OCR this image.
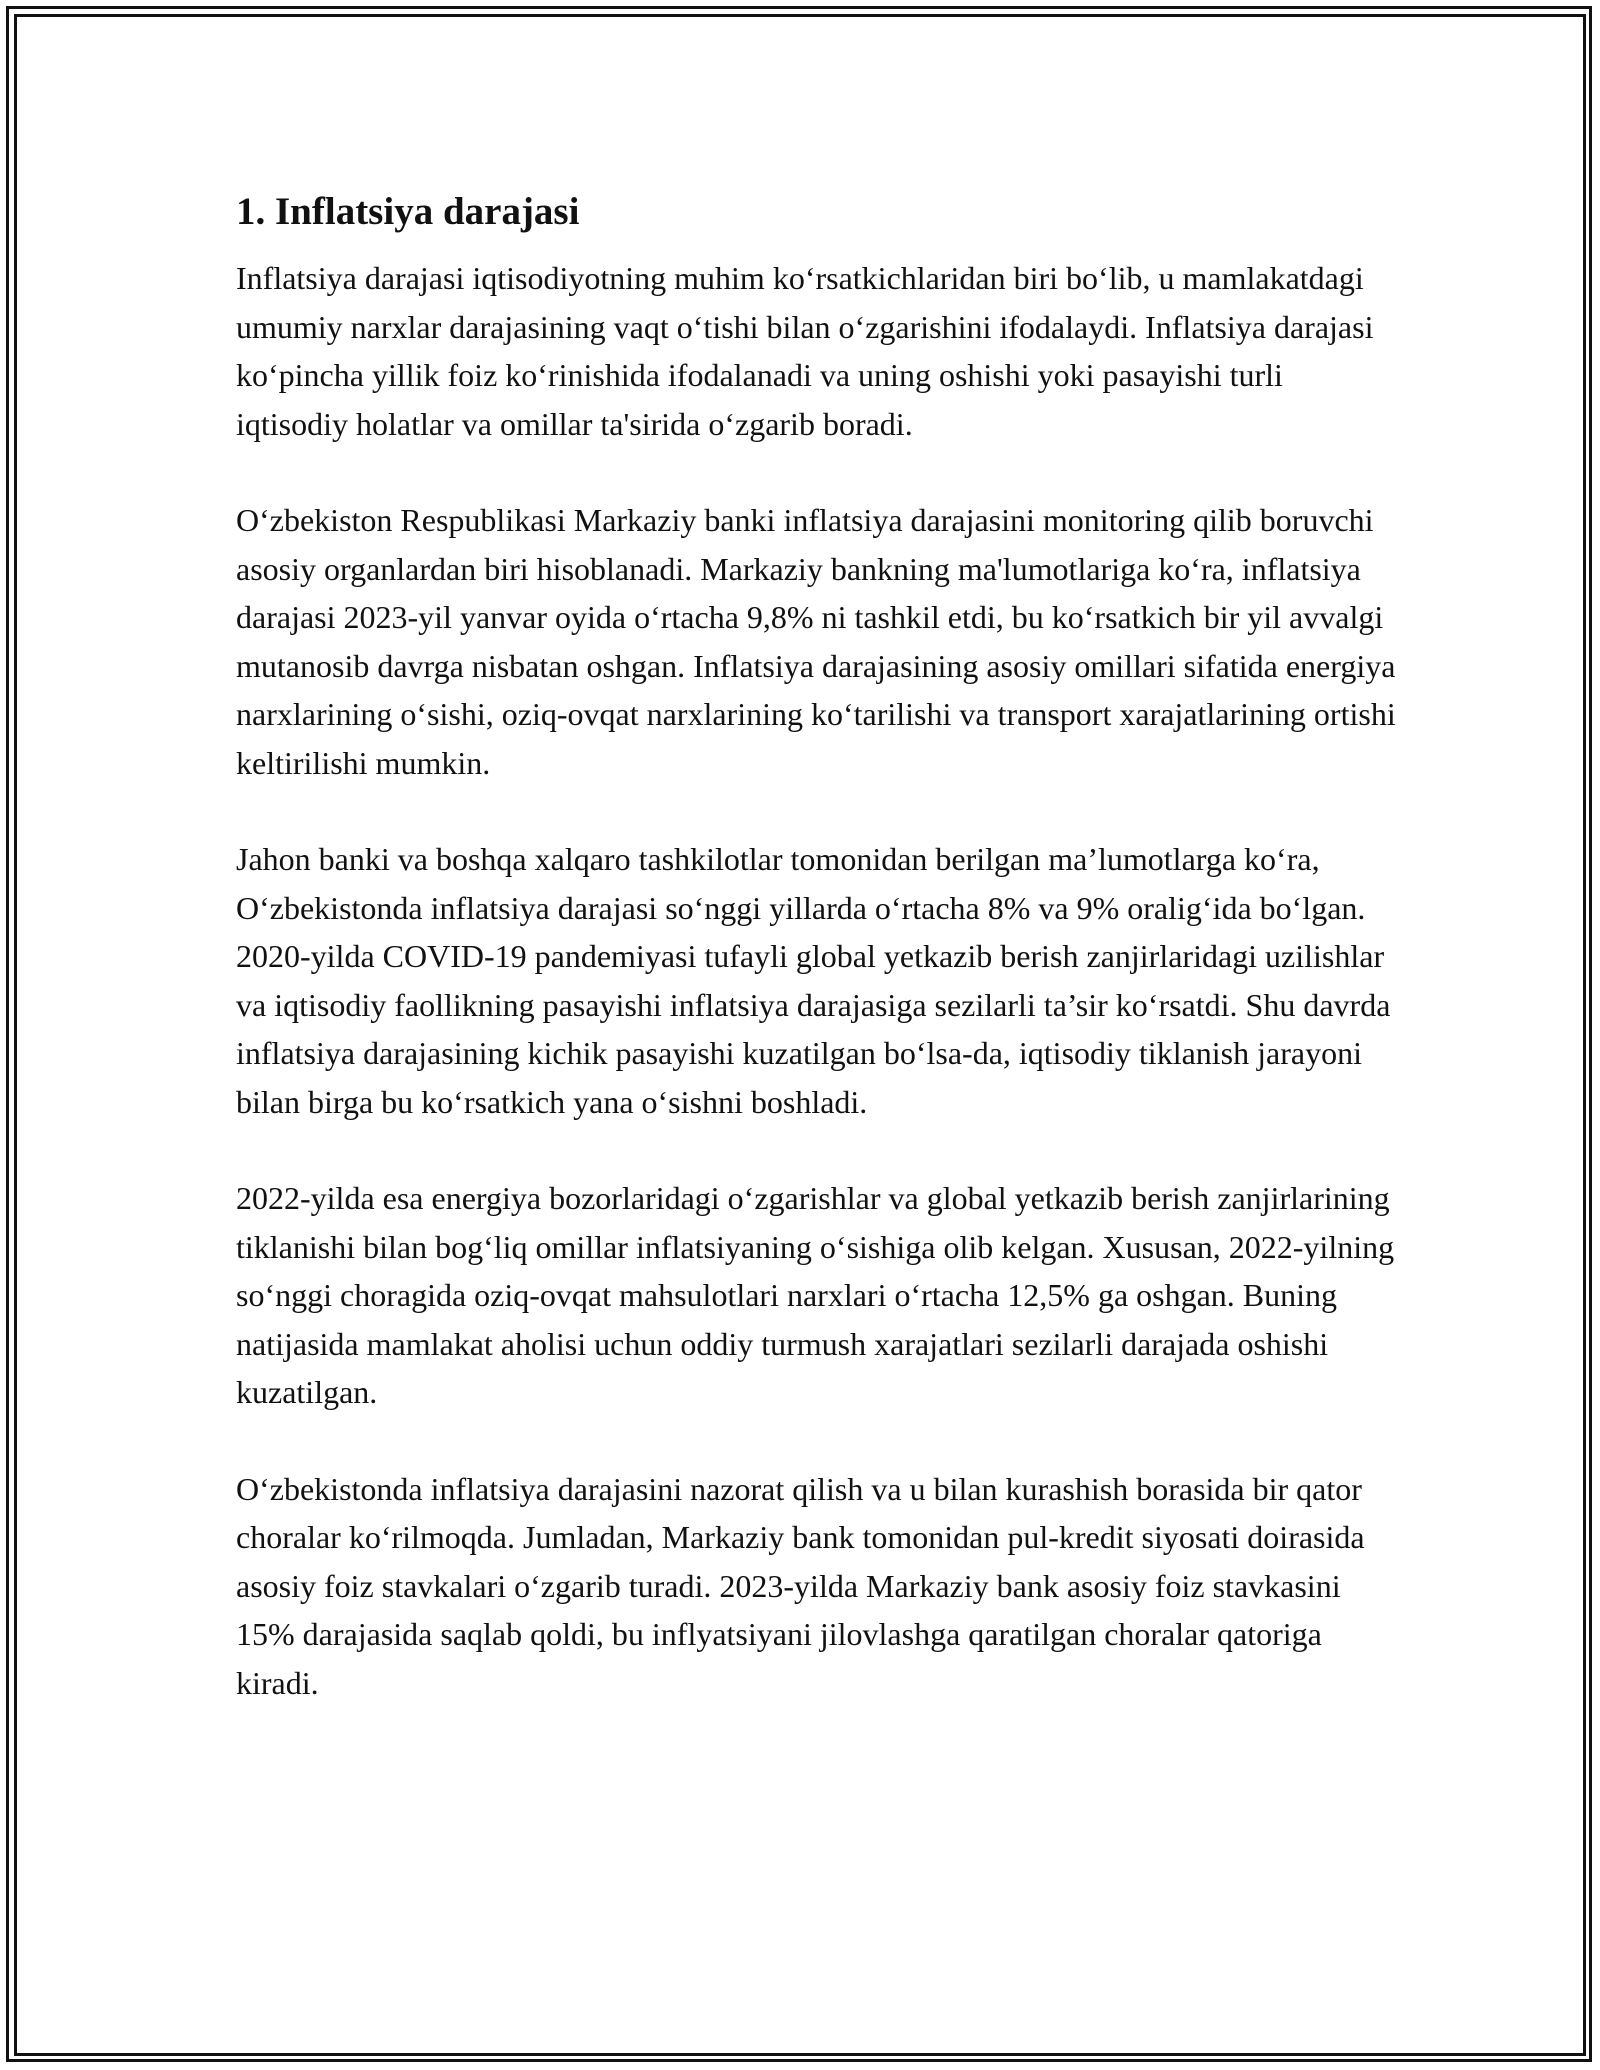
1. Inflatsiya darajasi

Inflatsiya darajasi iqtisodiyotning muhim koʻrsatkichlaridan biri boʻlib, u mamlakatdagi umumiy narxlar darajasining vaqt oʻtishi bilan oʻzgarishini ifodalaydi. Inflatsiya darajasi koʻpincha yillik foiz koʻrinishida ifodalanadi va uning oshishi yoki pasayishi turli iqtisodiy holatlar va omillar ta'sirida oʻzgarib boradi.

Oʻzbekiston Respublikasi Markaziy banki inflatsiya darajasini monitoring qilib boruvchi asosiy organlardan biri hisoblanadi. Markaziy bankning ma'lumotlariga koʻra, inflatsiya darajasi 2023-yil yanvar oyida oʻrtacha 9,8% ni tashkil etdi, bu koʻrsatkich bir yil avvalgi mutanosib davrga nisbatan oshgan. Inflatsiya darajasining asosiy omillari sifatida energiya narxlarining oʻsishi, oziq-ovqat narxlarining koʻtarilishi va transport xarajatlarining ortishi keltirilishi mumkin.

Jahon banki va boshqa xalqaro tashkilotlar tomonidan berilgan ma’lumotlarga koʻra, Oʻzbekistonda inflatsiya darajasi soʻnggi yillarda oʻrtacha 8% va 9% oraligʻida boʻlgan. 2020-yilda COVID-19 pandemiyasi tufayli global yetkazib berish zanjirlaridagi uzilishlar va iqtisodiy faollikning pasayishi inflatsiya darajasiga sezilarli ta’sir koʻrsatdi. Shu davrda inflatsiya darajasining kichik pasayishi kuzatilgan boʻlsa-da, iqtisodiy tiklanish jarayoni bilan birga bu koʻrsatkich yana oʻsishni boshladi.

2022-yilda esa energiya bozorlaridagi oʻzgarishlar va global yetkazib berish zanjirlarining tiklanishi bilan bogʻliq omillar inflatsiyaning oʻsishiga olib kelgan. Xususan, 2022-yilning soʻnggi choragida oziq-ovqat mahsulotlari narxlari oʻrtacha 12,5% ga oshgan. Buning natijasida mamlakat aholisi uchun oddiy turmush xarajatlari sezilarli darajada oshishi kuzatilgan.

Oʻzbekistonda inflatsiya darajasini nazorat qilish va u bilan kurashish borasida bir qator choralar koʻrilmoqda. Jumladan, Markaziy bank tomonidan pul-kredit siyosati doirasida asosiy foiz stavkalari oʻzgarib turadi. 2023-yilda Markaziy bank asosiy foiz stavkasini 15% darajasida saqlab qoldi, bu inflyatsiyani jilovlashga qaratilgan choralar qatoriga kiradi.
